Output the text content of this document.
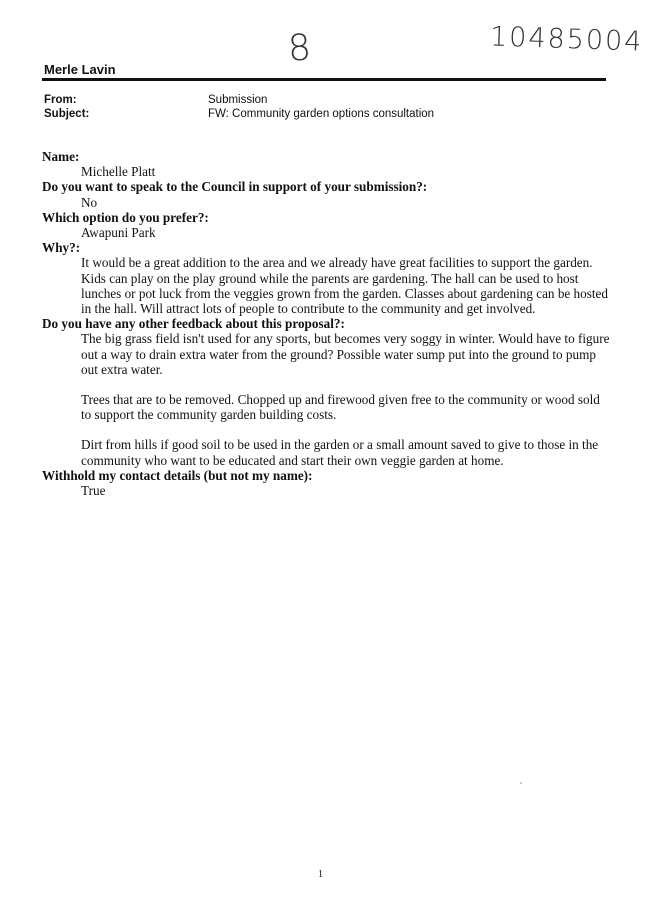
8	10485004
Merle Lavin
From:	Submission
Subject:	FW: Community garden options consultation

Name:

Michelle Platt

Do you want to speak to the Council in support of your submission?:

No

Which option do you prefer?:

Awapuni Park

Why?:

It would be a great addition to the area and we already have great facilities to support the garden. Kids can play on the play ground while the parents are gardening. The hall can be used to host lunches or pot luck from the veggies grown from the garden. Classes about gardening can be hosted in the hall. Will attract lots of people to contribute to the community and get involved.

Do you have any other feedback about this proposal?:

The big grass field isn't used for any sports, but becomes very soggy in winter. Would have to figure out a way to drain extra water from the ground? Possible water sump put into the ground to pump out extra water.

Trees that are to be removed. Chopped up and firewood given free to the community or wood sold to support the community garden building costs.

Dirt from hills if good soil to be used in the garden or a small amount saved to give to those in the community who want to be educated and start their own veggie garden at home.

Withhold my contact details (but not my name):

True

1
